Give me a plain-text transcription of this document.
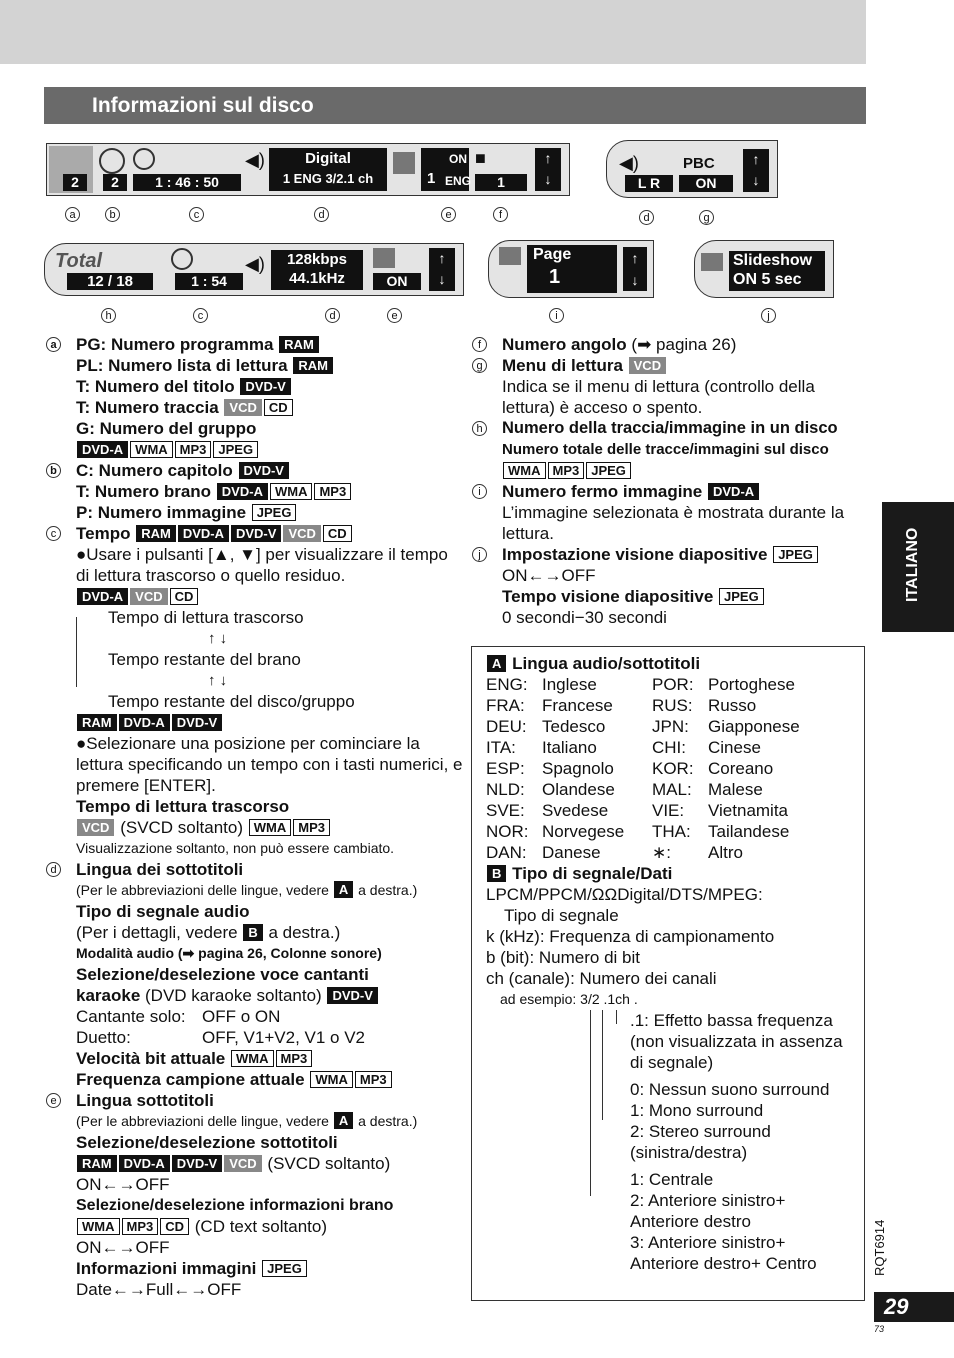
Informazioni sul disco
2	2	1 : 46 : 50
◀)	Digital
1 ENG 3/2.1 ch
ON
1 ENG
■
1
↑
↓
◀)
L R
PBC
ON
↑
↓
Total
12 / 18	1 : 54
◀)	128kbps
44.1kHz	ON
↑
↓
Page
1
↑
↓
Slideshow
ON 5 sec
a	b	c	d	e	f	d	g
h	c	d	e	i	j
a PG: Numero programma RAM
PL: Numero lista di lettura RAM
T: Numero del titolo DVD-V
T: Numero traccia VCD CD
G: Numero del gruppo
DVD-A WMA MP3 JPEG
b C: Numero capitolo DVD-V
T: Numero brano DVD-A WMA MP3
P: Numero immagine JPEG
c Tempo RAM DVD-A DVD-V VCD CD
●Usare i pulsanti [▲, ▼] per visualizzare il tempo di lettura trascorso o quello residuo.
DVD-A VCD CD
Tempo di lettura trascorso
↑ ↓
Tempo restante del brano
↑ ↓
Tempo restante del disco/gruppo
RAM DVD-A DVD-V
●Selezionare una posizione per cominciare la lettura specificando un tempo con i tasti numerici, e premere [ENTER].
Tempo di lettura trascorso
VCD (SVCD soltanto) WMA MP3
Visualizzazione soltanto, non può essere cambiato.
d Lingua dei sottotitoli
(Per le abbreviazioni delle lingue, vedere A a destra.)
Tipo di segnale audio
(Per i dettagli, vedere B a destra.)
Modalità audio (➡ pagina 26, Colonne sonore)
Selezione/deselezione voce cantanti
karaoke (DVD karaoke soltanto) DVD-V
Cantante solo: OFF o ON
Duetto:	OFF, V1+V2, V1 o V2
Velocità bit attuale WMA MP3
Frequenza campione attuale WMA MP3
e Lingua sottotitoli
(Per le abbreviazioni delle lingue, vedere A a destra.)
Selezione/deselezione sottotitoli
RAM DVD-A DVD-V VCD (SVCD soltanto)
ON←→OFF
Selezione/deselezione informazioni brano
WMA MP3 CD (CD text soltanto)
ON←→OFF
Informazioni immagini JPEG
Date←→Full←→OFF
f	Numero angolo (➡ pagina 26)
g Menu di lettura VCD
Indica se il menu di lettura (controllo della lettura) è acceso o spento.
h Numero della traccia/immagine in un disco
Numero totale delle tracce/immagini sul disco
WMA MP3 JPEG
i	Numero fermo immagine DVD-A
L’immagine selezionata è mostrata durante la lettura.
j	Impostazione visione diapositive JPEG
ON←→OFF
Tempo visione diapositive JPEG
0 secondi−30 secondi
A Lingua audio/sottotitoli
ENG: Inglese	POR: Portoghese
FRA:	Francese	RUS: Russo
DEU: Tedesco	JPN:	Giapponese
ITA:	Italiano	CHI:	Cinese
ESP:	Spagnolo	KOR: Coreano
NLD:	Olandese	MAL: Malese
SVE:	Svedese	VIE:	Vietnamita
NOR: Norvegese	THA:	Tailandese
DAN: Danese	∗:	Altro
B Tipo di segnale/Dati
LPCM/PPCM/ΩΩDigital/DTS/MPEG:
Tipo di segnale
k (kHz): Frequenza di campionamento
b (bit): Numero di bit
ch (canale): Numero dei canali
ad esempio: 3/2 .1ch .
.1: Effetto bassa frequenza (non visualizzata in assenza di segnale)
0: Nessun suono surround
1: Mono surround
2: Stereo surround (sinistra/destra)
1: Centrale
2: Anteriore sinistro+ Anteriore destro
3: Anteriore sinistro+ Anteriore destro+ Centro
ITALIANO
RQT6914
29
73
